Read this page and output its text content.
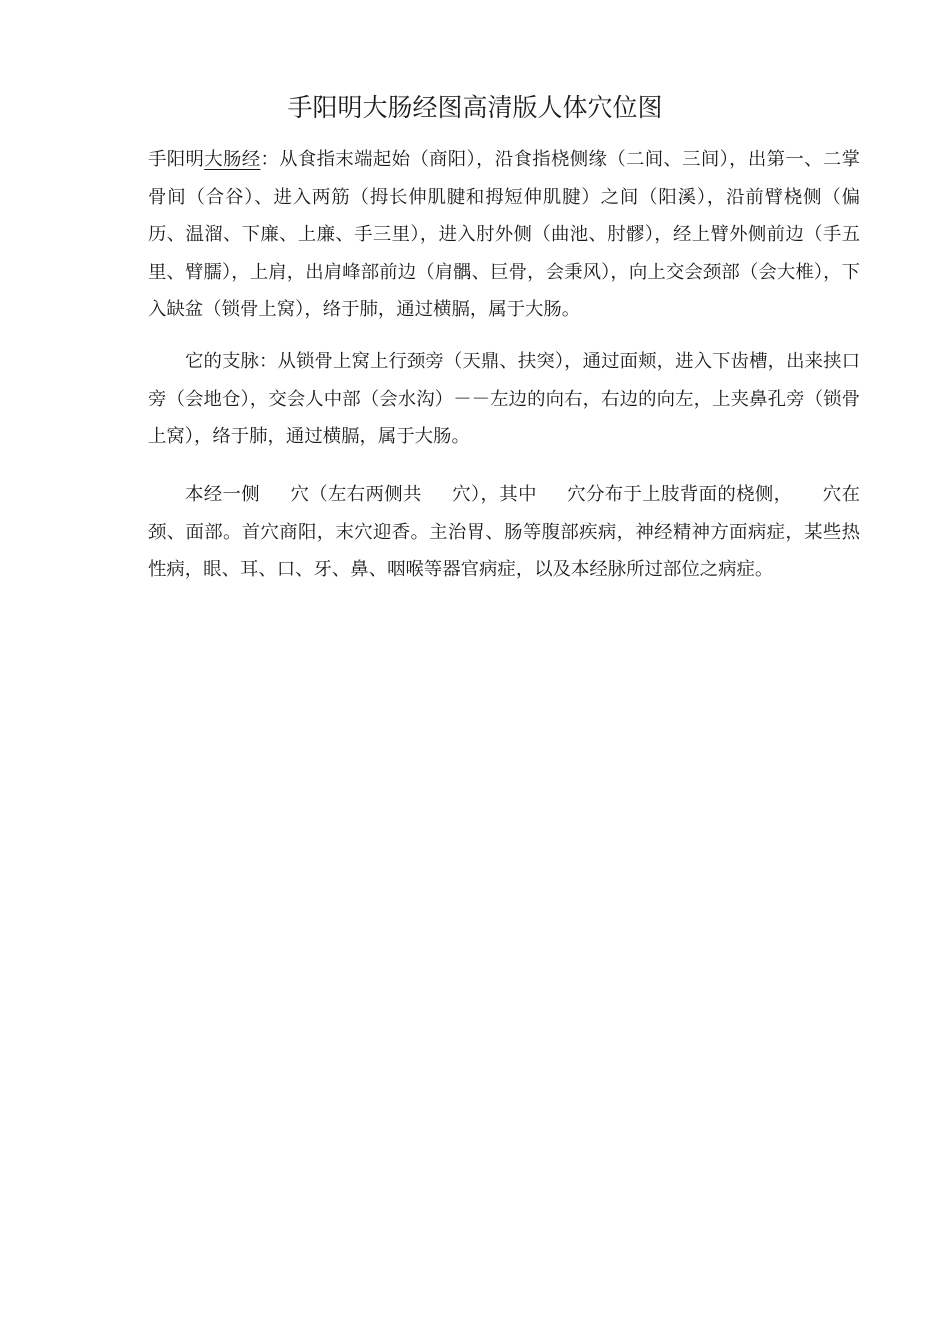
手阳明大肠经图高清版人体穴位图

手阳明大肠经：从食指末端起始（商阳），沿食指桡侧缘（二间、三间），出第一、二掌骨间（合谷）、进入两筋（拇长伸肌腱和拇短伸肌腱）之间（阳溪），沿前臂桡侧（偏历、温溜、下廉、上廉、手三里），进入肘外侧（曲池、肘髎），经上臂外侧前边（手五里、臂臑），上肩，出肩峰部前边（肩髃、巨骨，会秉风），向上交会颈部（会大椎），下入缺盆（锁骨上窝），络于肺，通过横膈，属于大肠。

它的支脉：从锁骨上窝上行颈旁（天鼎、扶突），通过面颊，进入下齿槽，出来挟口旁（会地仓），交会人中部（会水沟）－－左边的向右，右边的向左，上夹鼻孔旁（锁骨上窝），络于肺，通过横膈，属于大肠。

本经一侧 穴（左右两侧共 穴），其中 穴分布于上肢背面的桡侧， 穴在颈、面部。首穴商阳，末穴迎香。主治胃、肠等腹部疾病，神经精神方面病症，某些热性病，眼、耳、口、牙、鼻、咽喉等器官病症，以及本经脉所过部位之病症。
